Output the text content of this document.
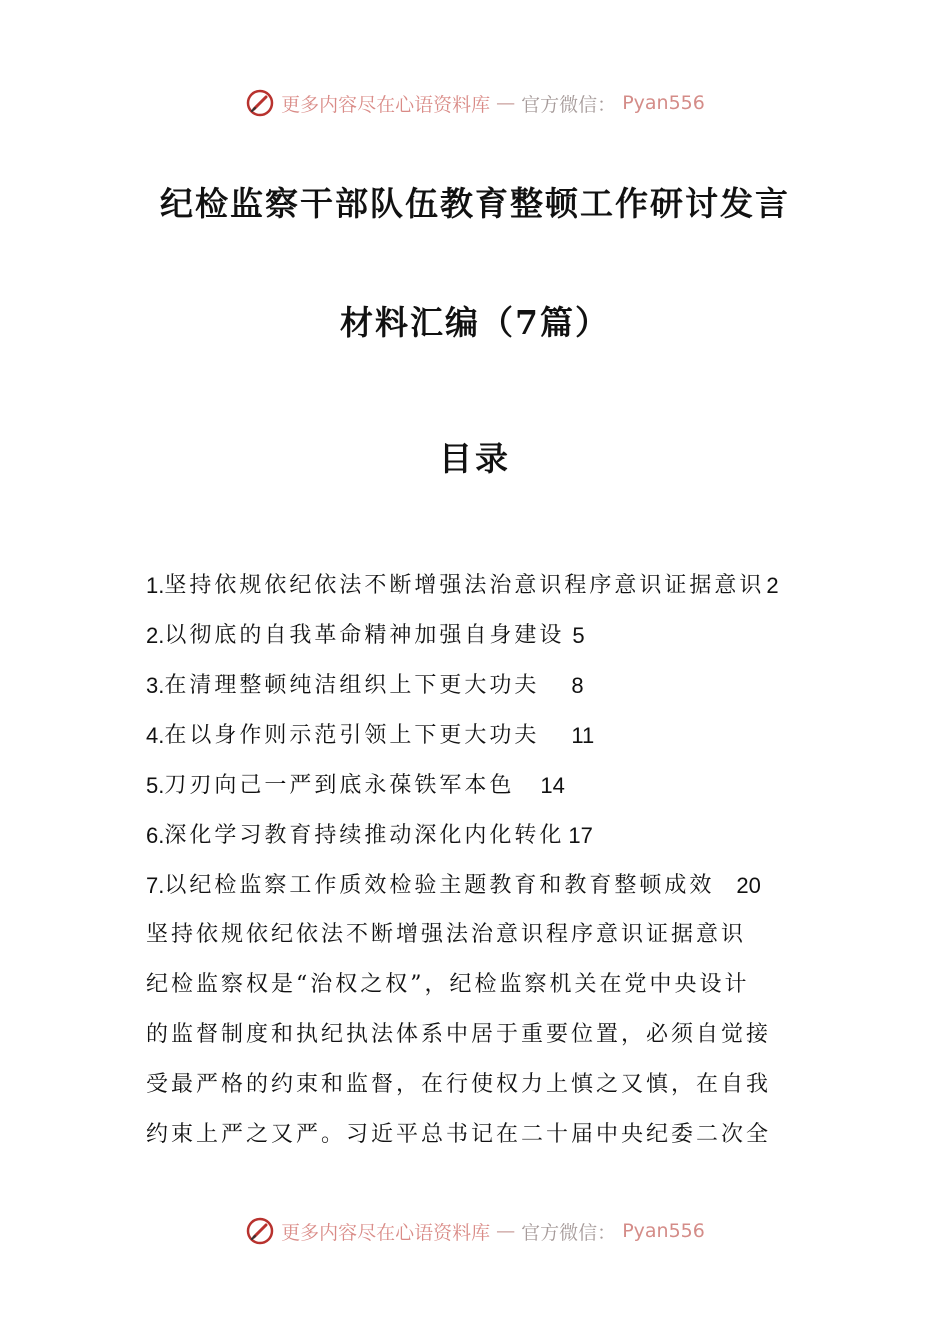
更多内容尽在心语资料库 — 官方微信： Pyan556
纪检监察干部队伍教育整顿工作研讨发言
材料汇编（7篇）
目录
1. 坚持依规依纪依法不断增强法治意识程序意识证据意识 2
2. 以彻底的自我革命精神加强自身建设 5
3. 在清理整顿纯洁组织上下更大功夫 8
4. 在以身作则示范引领上下更大功夫 11
5. 刀刃向己一严到底永葆铁军本色 14
6. 深化学习教育持续推动深化内化转化 17
7. 以纪检监察工作质效检验主题教育和教育整顿成效 20
坚持依规依纪依法不断增强法治意识程序意识证据意识
纪检监察权是“治权之权”，纪检监察机关在党中央设计
的监督制度和执纪执法体系中居于重要位置，必须自觉接
受最严格的约束和监督，在行使权力上慎之又慎，在自我
约束上严之又严。习近平总书记在二十届中央纪委二次全
更多内容尽在心语资料库 — 官方微信： Pyan556
